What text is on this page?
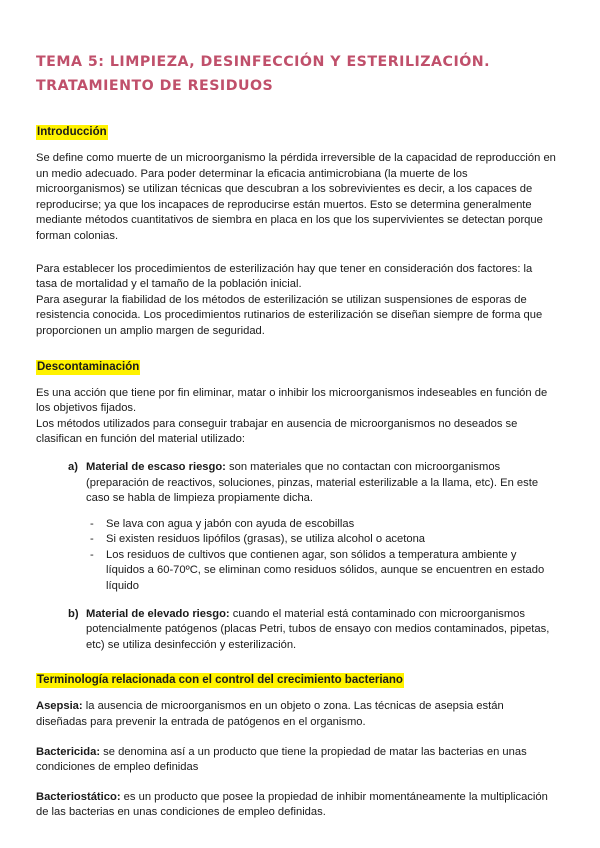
TEMA 5: LIMPIEZA, DESINFECCIÓN Y ESTERILIZACIÓN.
TRATAMIENTO DE RESIDUOS
Introducción

Se define como muerte de un microorganismo la pérdida irreversible de la capacidad de reproducción en un medio adecuado. Para poder determinar la eficacia antimicrobiana (la muerte de los microorganismos) se utilizan técnicas que descubran a los sobrevivientes es decir, a los capaces de reproducirse; ya que los incapaces de reproducirse están muertos. Esto se determina generalmente mediante métodos cuantitativos de siembra en placa en los que los supervivientes se detectan porque forman colonias.

Para establecer los procedimientos de esterilización hay que tener en consideración dos factores: la tasa de mortalidad y el tamaño de la población inicial.

Para asegurar la fiabilidad de los métodos de esterilización se utilizan suspensiones de esporas de resistencia conocida. Los procedimientos rutinarios de esterilización se diseñan siempre de forma que proporcionen un amplio margen de seguridad.

Descontaminación

Es una acción que tiene por fin eliminar, matar o inhibir los microorganismos indeseables en función de los objetivos fijados.

Los métodos utilizados para conseguir trabajar en ausencia de microorganismos no deseados se clasifican en función del material utilizado:

a) Material de escaso riesgo: son materiales que no contactan con microorganismos (preparación de reactivos, soluciones, pinzas, material esterilizable a la llama, etc). En este caso se habla de limpieza propiamente dicha.
- Se lava con agua y jabón con ayuda de escobillas
- Si existen residuos lipófilos (grasas), se utiliza alcohol o acetona
- Los residuos de cultivos que contienen agar, son sólidos a temperatura ambiente y líquidos a 60-70ºC, se eliminan como residuos sólidos, aunque se encuentren en estado líquido
b) Material de elevado riesgo: cuando el material está contaminado con microorganismos potencialmente patógenos (placas Petri, tubos de ensayo con medios contaminados, pipetas, etc) se utiliza desinfección y esterilización.
Terminología relacionada con el control del crecimiento bacteriano

Asepsia: la ausencia de microorganismos en un objeto o zona. Las técnicas de asepsia están diseñadas para prevenir la entrada de patógenos en el organismo.

Bactericida: se denomina así a un producto que tiene la propiedad de matar las bacterias en unas condiciones de empleo definidas

Bacteriostático: es un producto que posee la propiedad de inhibir momentáneamente la multiplicación de las bacterias en unas condiciones de empleo definidas.
